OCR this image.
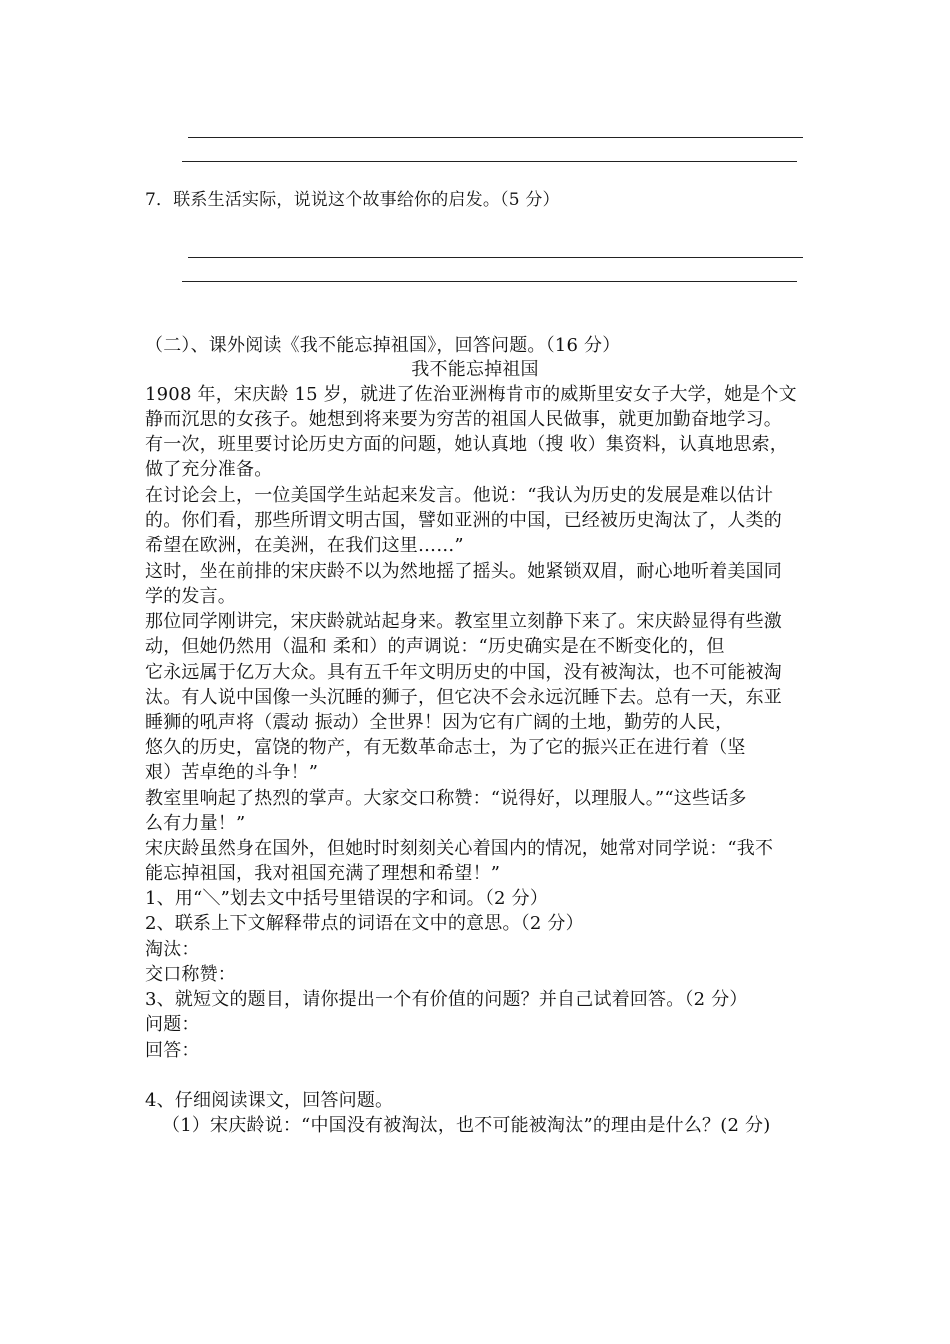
7．联系生活实际，说说这个故事给你的启发。（5 分）
（二）、课外阅读《我不能忘掉祖国》，回答问题。（16 分）
我不能忘掉祖国
1908 年，宋庆龄 15 岁，就进了佐治亚洲梅肯市的威斯里安女子大学，她是个文
静而沉思的女孩子。她想到将来要为穷苦的祖国人民做事，就更加勤奋地学习。
有一次，班里要讨论历史方面的问题，她认真地（搜 收）集资料，认真地思索，
做了充分准备。
在讨论会上，一位美国学生站起来发言。他说：“我认为历史的发展是难以估计
的。你们看，那些所谓文明古国，譬如亚洲的中国，已经被历史淘汰了，人类的
希望在欧洲，在美洲，在我们这里……”
这时，坐在前排的宋庆龄不以为然地摇了摇头。她紧锁双眉，耐心地听着美国同
学的发言。
那位同学刚讲完，宋庆龄就站起身来。教室里立刻静下来了。宋庆龄显得有些激
动，但她仍然用（温和 柔和）的声调说：“历史确实是在不断变化的，但
它永远属于亿万大众。具有五千年文明历史的中国，没有被淘汰，也不可能被淘
汰。有人说中国像一头沉睡的狮子，但它决不会永远沉睡下去。总有一天，东亚
睡狮的吼声将（震动 振动）全世界！因为它有广阔的土地，勤劳的人民，
悠久的历史，富饶的物产，有无数革命志士，为了它的振兴正在进行着（坚
艰）苦卓绝的斗争！”
教室里响起了热烈的掌声。大家交口称赞：“说得好，以理服人。”“这些话多
么有力量！”
宋庆龄虽然身在国外，但她时时刻刻关心着国内的情况，她常对同学说：“我不
能忘掉祖国，我对祖国充满了理想和希望！”
1、用“＼”划去文中括号里错误的字和词。（2 分）
2、联系上下文解释带点的词语在文中的意思。（2 分）
淘汰：
交口称赞：
3、就短文的题目，请你提出一个有价值的问题？并自己试着回答。（2 分）
问题：
回答：
4、仔细阅读课文，回答问题。
（1）宋庆龄说：“中国没有被淘汰，也不可能被淘汰”的理由是什么？(2 分)
